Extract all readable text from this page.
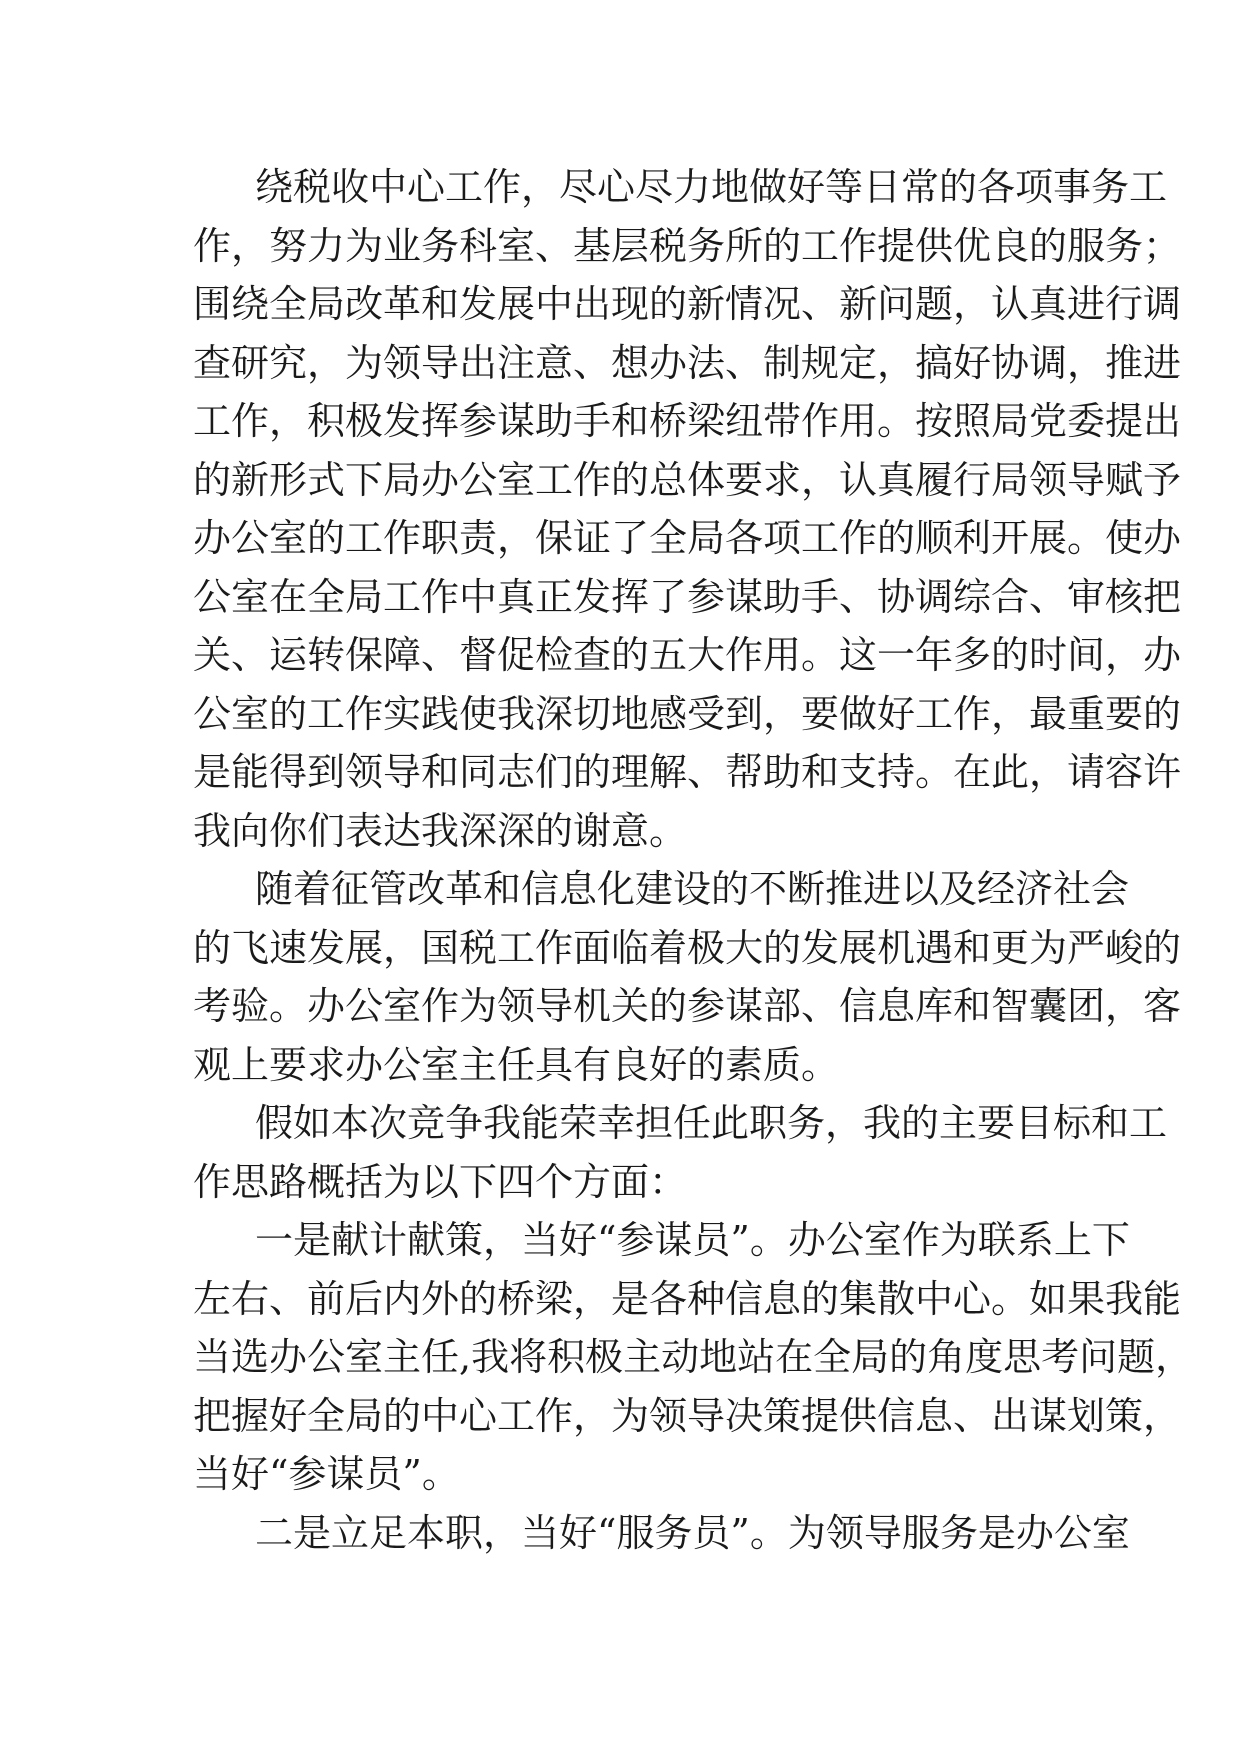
绕税收中心工作，尽心尽力地做好等日常的各项事务工
作，努力为业务科室、基层税务所的工作提供优良的服务；
围绕全局改革和发展中出现的新情况、新问题，认真进行调
查研究，为领导出注意、想办法、制规定，搞好协调，推进
工作，积极发挥参谋助手和桥梁纽带作用。按照局党委提出
的新形式下局办公室工作的总体要求，认真履行局领导赋予
办公室的工作职责，保证了全局各项工作的顺利开展。使办
公室在全局工作中真正发挥了参谋助手、协调综合、审核把
关、运转保障、督促检查的五大作用。这一年多的时间，办
公室的工作实践使我深切地感受到，要做好工作，最重要的
是能得到领导和同志们的理解、帮助和支持。在此，请容许
我向你们表达我深深的谢意。
随着征管改革和信息化建设的不断推进以及经济社会
的飞速发展，国税工作面临着极大的发展机遇和更为严峻的
考验。办公室作为领导机关的参谋部、信息库和智囊团，客
观上要求办公室主任具有良好的素质。
假如本次竞争我能荣幸担任此职务，我的主要目标和工
作思路概括为以下四个方面：
一是献计献策，当好“参谋员”。办公室作为联系上下
左右、前后内外的桥梁，是各种信息的集散中心。如果我能
当选办公室主任,我将积极主动地站在全局的角度思考问题，
把握好全局的中心工作，为领导决策提供信息、出谋划策，
当好“参谋员”。
二是立足本职，当好“服务员”。为领导服务是办公室
